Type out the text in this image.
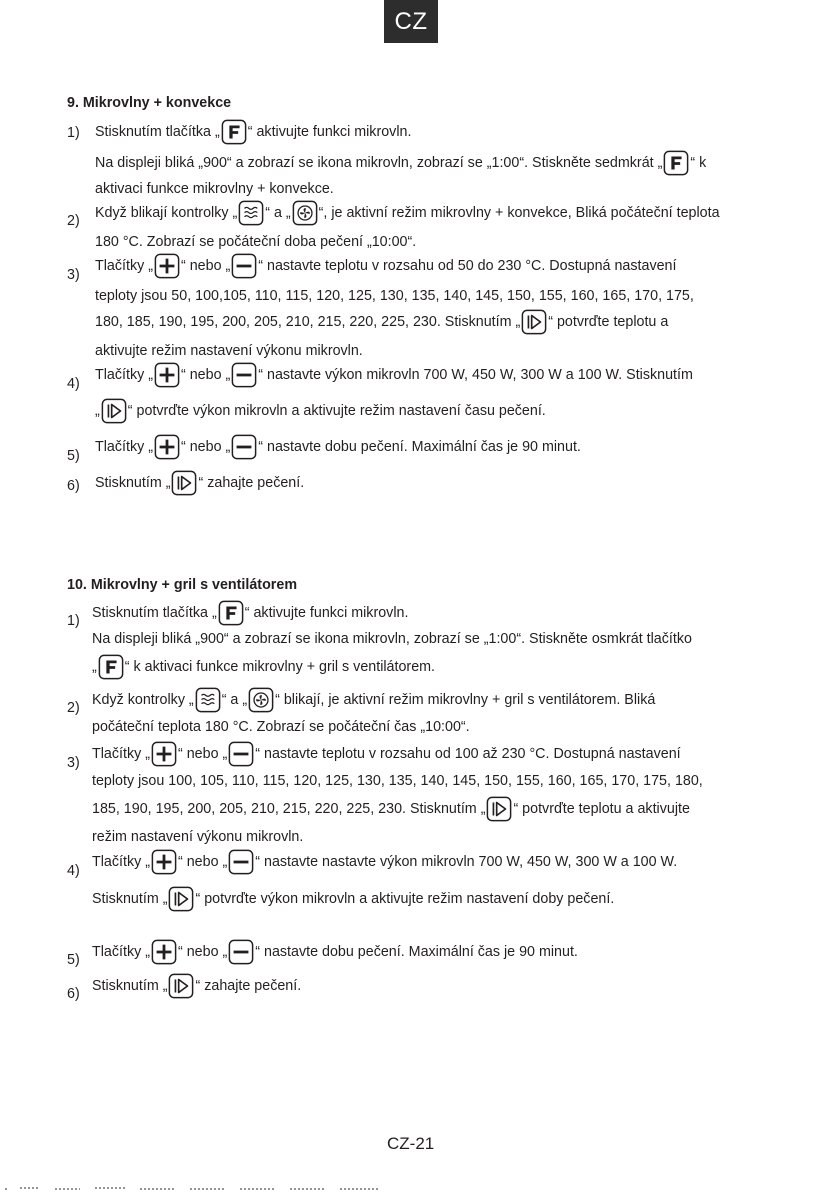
CZ
9. Mikrovlny + konvekce
1) Stisknutím tlačítka „ “ aktivujte funkci mikrovln.
Na displeji bliká „900“ a zobrazí se ikona mikrovln, zobrazí se „1:00“. Stiskněte sedmkrát „ “ k
aktivaci funkce mikrovlny + konvekce.
2) Když blikají kontrolky „ “ a „ “, je aktivní režim mikrovlny + konvekce, Bliká počáteční teplota
180 °C. Zobrazí se počáteční doba pečení „10:00“.
3)
Tlačítky „ “ nebo „ “ nastavte teplotu v rozsahu od 50 do 230 °C. Dostupná nastavení
teploty jsou 50, 100,105, 110, 115, 120, 125, 130, 135, 140, 145, 150, 155, 160, 165, 170, 175,
180, 185, 190, 195, 200, 205, 210, 215, 220, 225, 230. Stisknutím „ “ potvrďte teplotu a
aktivujte režim nastavení výkonu mikrovln.
4)
Tlačítky „ “ nebo „ “ nastavte výkon mikrovln 700 W, 450 W, 300 W a 100 W. Stisknutím
„ “ potvrďte výkon mikrovln a aktivujte režim nastavení času pečení.
5)
Tlačítky „ “ nebo „ “ nastavte dobu pečení. Maximální čas je 90 minut.
6) Stisknutím „ “ zahajte pečení.
10. Mikrovlny + gril s ventilátorem
1) Stisknutím tlačítka „ “ aktivujte funkci mikrovln.
Na displeji bliká „900“ a zobrazí se ikona mikrovln, zobrazí se „1:00“. Stiskněte osmkrát tlačítko
„ “ k aktivaci funkce mikrovlny + gril s ventilátorem.
2) Když kontrolky „ “ a „ “ blikají, je aktivní režim mikrovlny + gril s ventilátorem. Bliká
počáteční teplota 180 °C. Zobrazí se počáteční čas „10:00“.
3)
Tlačítky „ “ nebo „ “ nastavte teplotu v rozsahu od 100 až 230 °C. Dostupná nastavení
teploty jsou 100, 105, 110, 115, 120, 125, 130, 135, 140, 145, 150, 155, 160, 165, 170, 175, 180,
185, 190, 195, 200, 205, 210, 215, 220, 225, 230. Stisknutím „ “ potvrďte teplotu a aktivujte
režim nastavení výkonu mikrovln.
4)
Tlačítky „ “ nebo „ “ nastavte nastavte výkon mikrovln 700 W, 450 W, 300 W a 100 W.
Stisknutím „ “ potvrďte výkon mikrovln a aktivujte režim nastavení doby pečení.
5) Tlačítky „ “ nebo „ “ nastavte dobu pečení. Maximální čas je 90 minut.
6) Stisknutím „ “ zahajte pečení.
CZ-21
